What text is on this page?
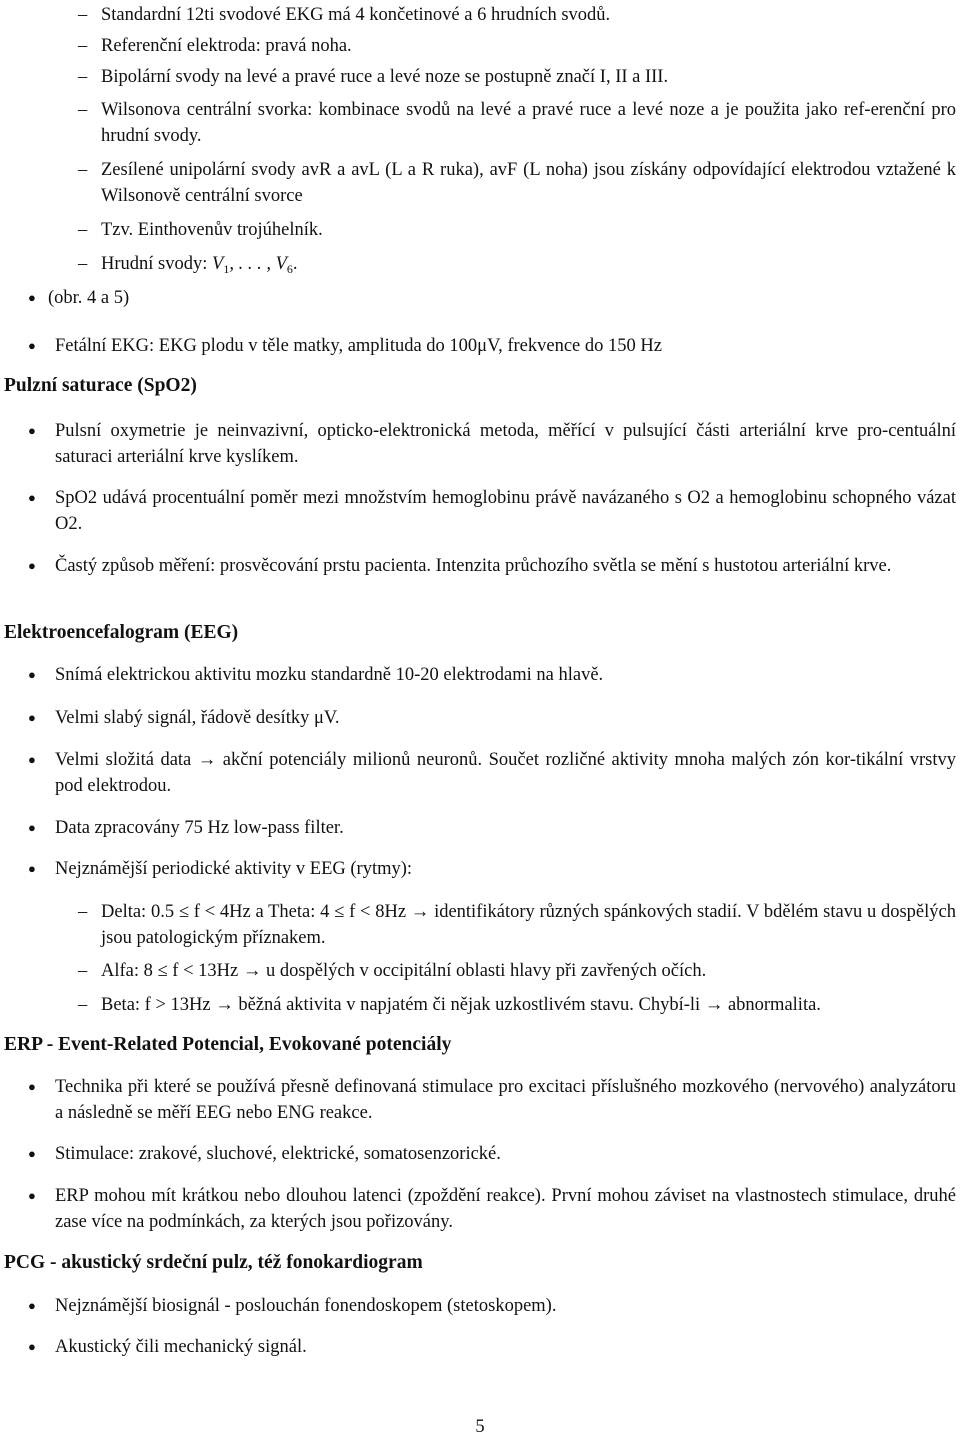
– Standardní 12ti svodové EKG má 4 končetinové a 6 hrudních svodů.
– Referenční elektroda: pravá noha.
– Bipolární svody na levé a pravé ruce a levé noze se postupně značí I, II a III.
– Wilsonova centrální svorka: kombinace svodů na levé a pravé ruce a levé noze a je použita jako ref-erenční pro hrudní svody.
– Zesílené unipolární svody avR a avL (L a R ruka), avF (L noha) jsou získány odpovídající elektrodou vztažené k Wilsonově centrální svorce
– Tzv. Einthovenův trojúhelník.
– Hrudní svody: $V_1$, . . . , $V_6$.
● (obr. 4 a 5)
● Fetální EKG: EKG plodu v těle matky, amplituda do 100μV, frekvence do 150 Hz
Pulzní saturace (SpO2)
● Pulsní oxymetrie je neinvazivní, opticko-elektronická metoda, měřící v pulsující části arteriální krve pro-centuální saturaci arteriální krve kyslíkem.
● SpO2 udává procentuální poměr mezi množstvím hemoglobinu právě navázaného s O2 a hemoglobinu schopného vázat O2.
● Častý způsob měření: prosvěcování prstu pacienta. Intenzita průchozího světla se mění s hustotou arteriální krve.
Elektroencefalogram (EEG)
● Snímá elektrickou aktivitu mozku standardně 10-20 elektrodami na hlavě.
● Velmi slabý signál, řádově desítky μV.
● Velmi složitá data → akční potenciály milionů neuronů. Součet rozličné aktivity mnoha malých zón kor-tikální vrstvy pod elektrodou.
● Data zpracovány 75 Hz low-pass filter.
● Nejznámější periodické aktivity v EEG (rytmy):
– Delta: 0.5 ≤ f < 4Hz a Theta: 4 ≤ f < 8Hz → identifikátory různých spánkových stadií. V bdělém stavu u dospělých jsou patologickým příznakem.
– Alfa: 8 ≤ f < 13Hz → u dospělých v occipitální oblasti hlavy při zavřených očích.
– Beta: f > 13Hz → běžná aktivita v napjatém či nějak uzkostlivém stavu. Chybí-li → abnormalita.
ERP - Event-Related Potencial, Evokované potenciály
● Technika při které se používá přesně definovaná stimulace pro excitaci příslušného mozkového (nervového) analyzátoru a následně se měří EEG nebo ENG reakce.
● Stimulace: zrakové, sluchové, elektrické, somatosenzorické.
● ERP mohou mít krátkou nebo dlouhou latenci (zpoždění reakce). První mohou záviset na vlastnostech stimulace, druhé zase více na podmínkách, za kterých jsou pořizovány.
PCG - akustický srdeční pulz, též fonokardiogram
● Nejznámější biosignál - poslouchán fonendoskopem (stetoskopem).
● Akustický čili mechanický signál.
5
